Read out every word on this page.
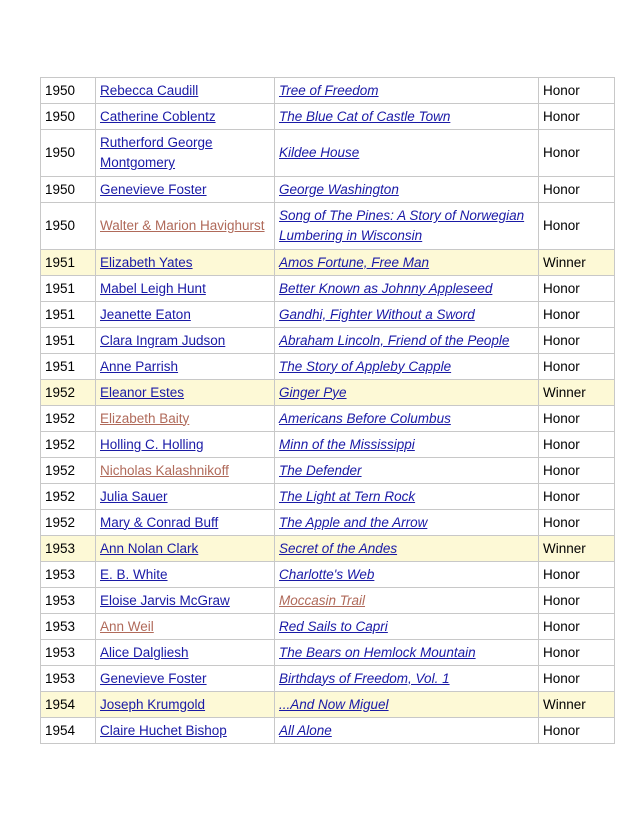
1950	Rebecca Caudill	Tree of Freedom	Honor
1950	Catherine Coblentz	The Blue Cat of Castle Town	Honor
1950	Rutherford George Montgomery	Kildee House	Honor
1950	Genevieve Foster	George Washington	Honor
1950	Walter & Marion Havighurst	Song of The Pines: A Story of Norwegian Lumbering in Wisconsin	Honor
1951	Elizabeth Yates	Amos Fortune, Free Man	Winner
1951	Mabel Leigh Hunt	Better Known as Johnny Appleseed	Honor
1951	Jeanette Eaton	Gandhi, Fighter Without a Sword	Honor
1951	Clara Ingram Judson	Abraham Lincoln, Friend of the People	Honor
1951	Anne Parrish	The Story of Appleby Capple	Honor
1952	Eleanor Estes	Ginger Pye	Winner
1952	Elizabeth Baity	Americans Before Columbus	Honor
1952	Holling C. Holling	Minn of the Mississippi	Honor
1952	Nicholas Kalashnikoff	The Defender	Honor
1952	Julia Sauer	The Light at Tern Rock	Honor
1952	Mary & Conrad Buff	The Apple and the Arrow	Honor
1953	Ann Nolan Clark	Secret of the Andes	Winner
1953	E. B. White	Charlotte's Web	Honor
1953	Eloise Jarvis McGraw	Moccasin Trail	Honor
1953	Ann Weil	Red Sails to Capri	Honor
1953	Alice Dalgliesh	The Bears on Hemlock Mountain	Honor
1953	Genevieve Foster	Birthdays of Freedom, Vol. 1	Honor
1954	Joseph Krumgold	...And Now Miguel	Winner
1954	Claire Huchet Bishop	All Alone	Honor
